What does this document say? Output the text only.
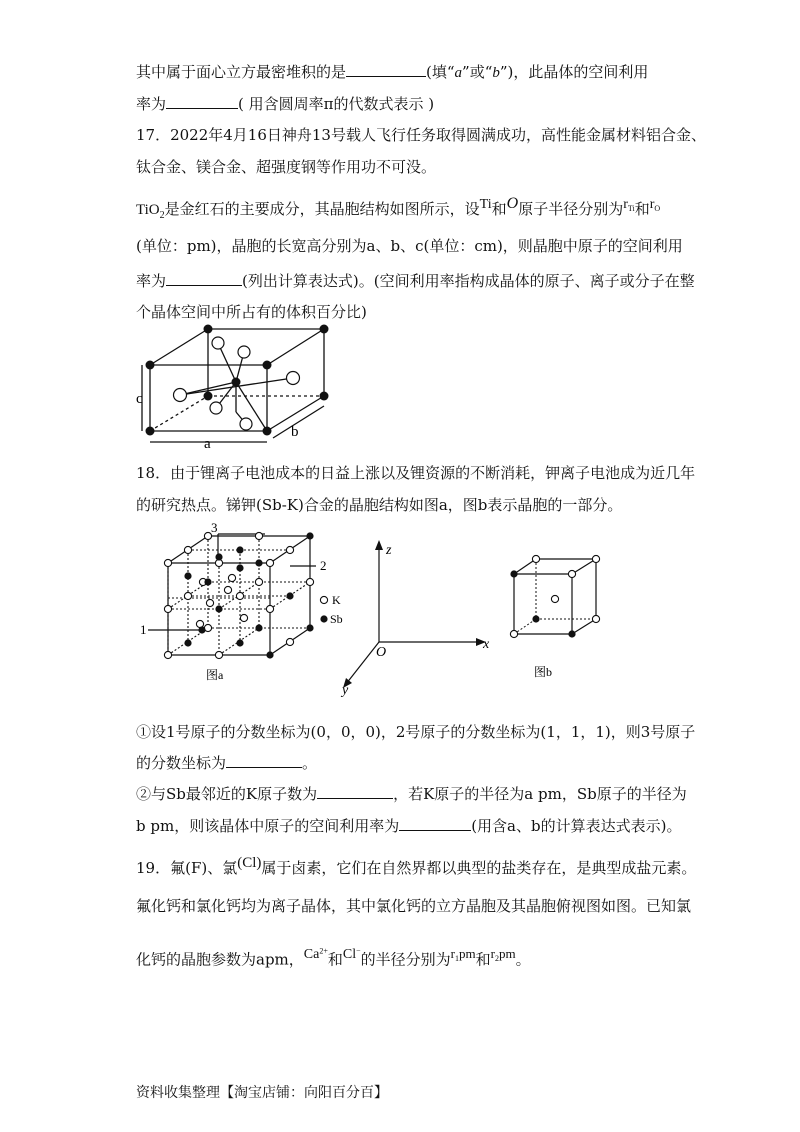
其中属于面心立方最密堆积的是	(填“a”或“b”)，此晶体的空间利用
率为	( 用含圆周率π的代数式表示 )
17．2022年4月16日神舟13号载人飞行任务取得圆满成功，高性能金属材料铝合金、
钛合金、镁合金、超强度钢等作用功不可没。
TiO$_2$是金红石的主要成分，其晶胞结构如图所示，设$^{Ti}$和$^O$原子半径分别为$^{r_{Ti}}$和$^{r_O}$
(单位：pm)，晶胞的长宽高分别为a、b、c(单位：cm)，则晶胞中原子的空间利用
率为	(列出计算表达式)。(空间利用率指构成晶体的原子、离子或分子在整
个晶体空间中所占有的体积百分比)
c
a
b
18．由于锂离子电池成本的日益上涨以及锂资源的不断消耗，钾离子电池成为近几年
的研究热点。锑钾(Sb-K)合金的晶胞结构如图a，图b表示晶胞的一部分。
3
2
1
K
Sb
图a
z
x
y
O
图b
①设1号原子的分数坐标为(0，0，0)，2号原子的分数坐标为(1，1，1)，则3号原子
的分数坐标为	。
②与Sb最邻近的K原子数为	，若K原子的半径为a pm，Sb原子的半径为
b pm，则该晶体中原子的空间利用率为	(用含a、b的计算表达式表示)。
19．氟(F)、氯$^{(Cl)}$属于卤素，它们在自然界都以典型的盐类存在，是典型成盐元素。
氟化钙和氯化钙均为离子晶体，其中氯化钙的立方晶胞及其晶胞俯视图如图。已知氯
化钙的晶胞参数为apm，$^{Ca^{2+}}$和$^{Cl^-}$的半径分别为$^{r_1pm}$和$^{r_2pm}$。
资料收集整理【淘宝店铺：向阳百分百】
